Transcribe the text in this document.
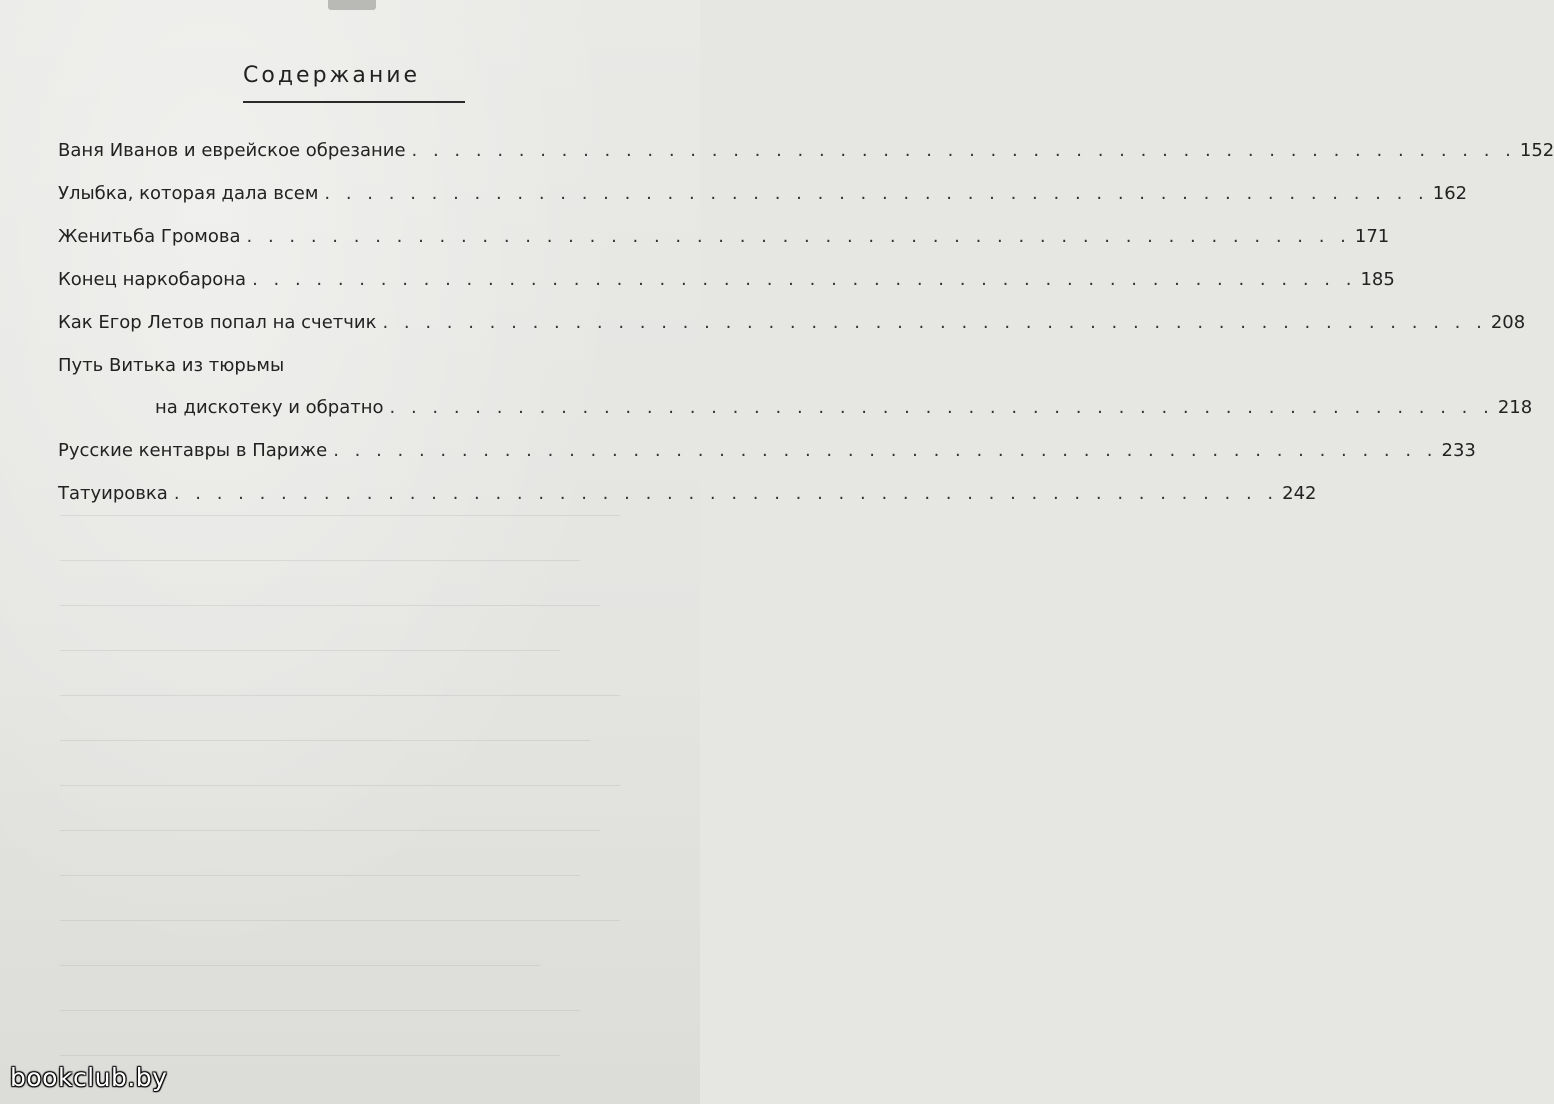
Содержание
Ваня Иванов и еврейское обрезание . . . . . . . . . . . . . . . . . . . . . . . . . . . . . . . . . . . . . . . . . . . . . . . . . . . . 152
Улыбка, которая дала всем . . . . . . . . . . . . . . . . . . . . . . . . . . . . . . . . . . . . . . . . . . . . . . . . . . . . 162
Женитьба Громова . . . . . . . . . . . . . . . . . . . . . . . . . . . . . . . . . . . . . . . . . . . . . . . . . . . . 171
Конец наркобарона . . . . . . . . . . . . . . . . . . . . . . . . . . . . . . . . . . . . . . . . . . . . . . . . . . . . 185
Как Егор Летов попал на счетчик . . . . . . . . . . . . . . . . . . . . . . . . . . . . . . . . . . . . . . . . . . . . . . . . . . . . 208
Путь Витька из тюрьмы
на дискотеку и обратно . . . . . . . . . . . . . . . . . . . . . . . . . . . . . . . . . . . . . . . . . . . . . . . . . . . . 218
Русские кентавры в Париже . . . . . . . . . . . . . . . . . . . . . . . . . . . . . . . . . . . . . . . . . . . . . . . . . . . . 233
Татуировка . . . . . . . . . . . . . . . . . . . . . . . . . . . . . . . . . . . . . . . . . . . . . . . . . . . . 242
bookclub.by
